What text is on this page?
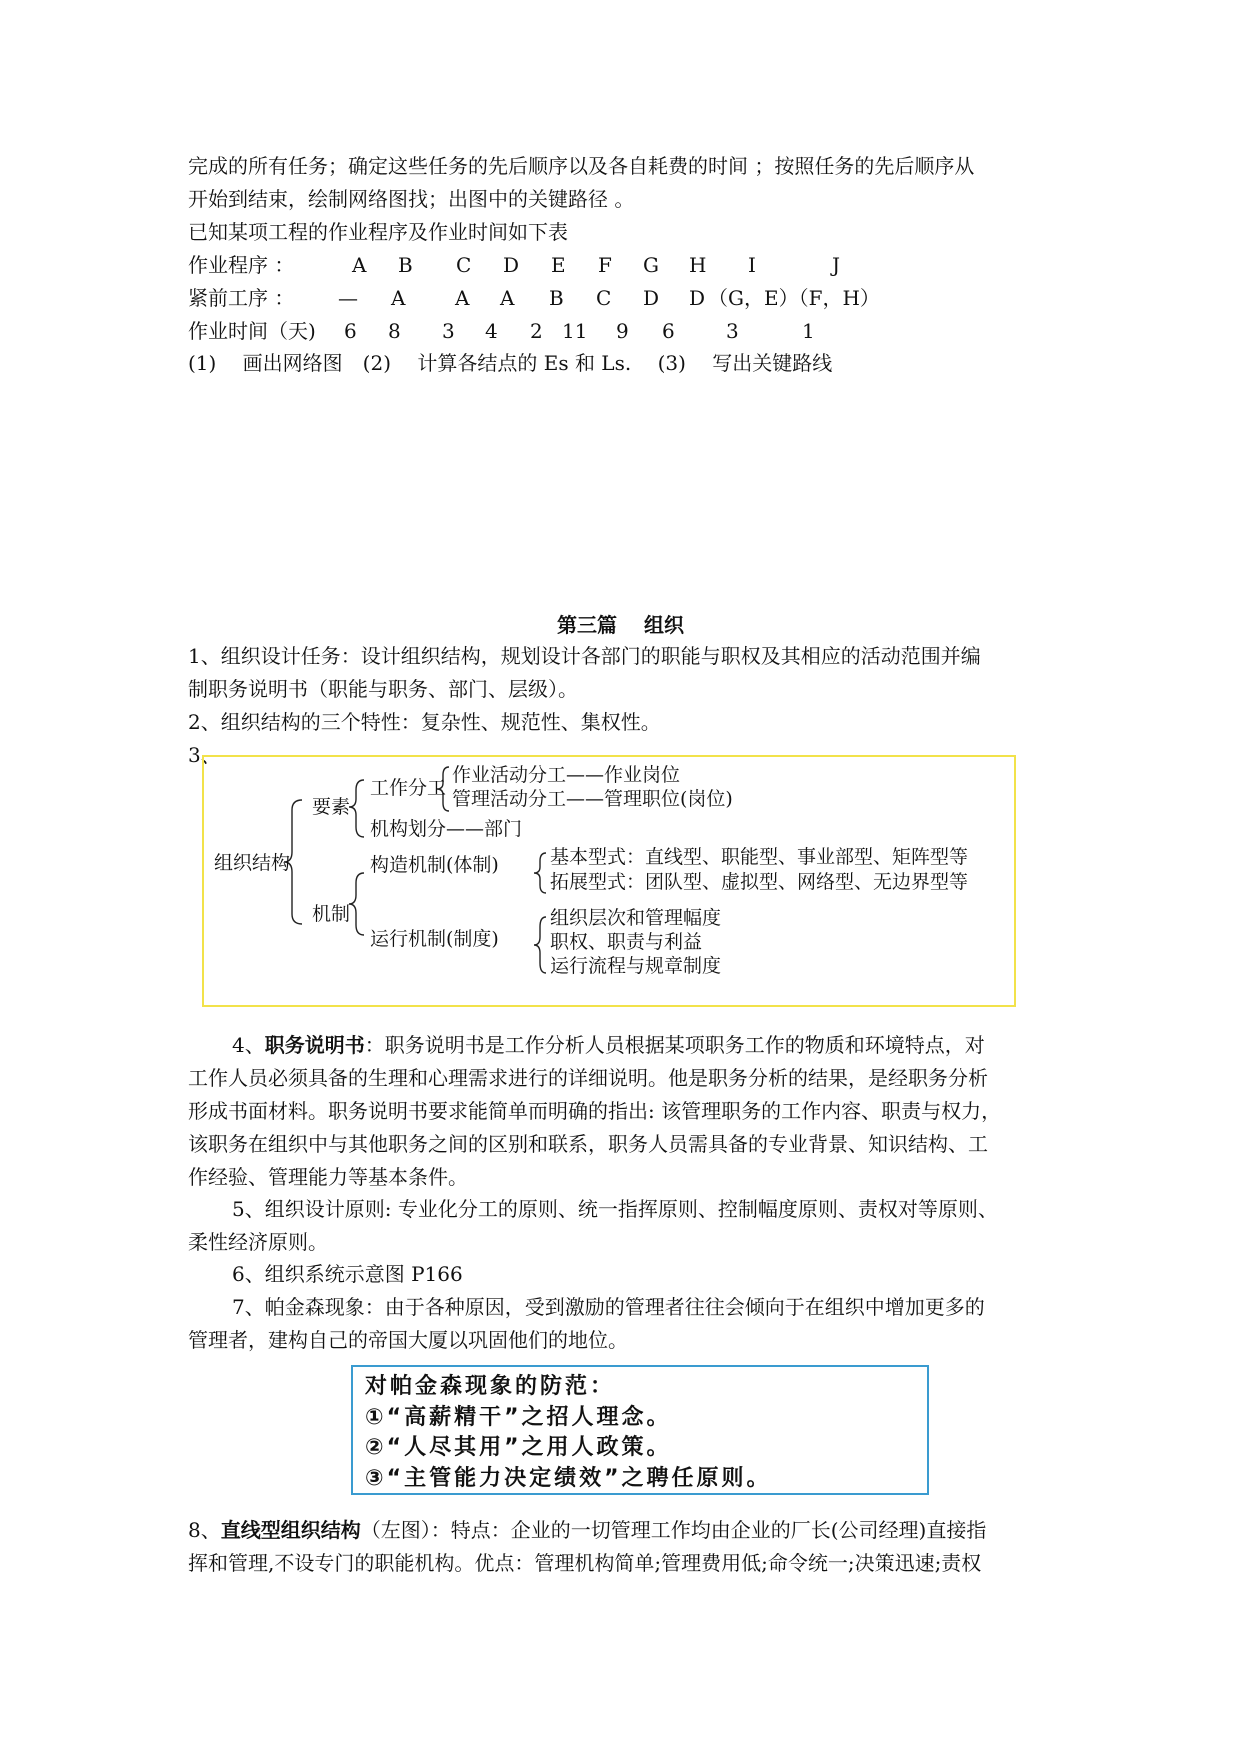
完成的所有任务；确定这些任务的先后顺序以及各自耗费的时间 ；按照任务的先后顺序从
开始到结束，绘制网络图找；出图中的关键路径 。
已知某项工程的作业程序及作业时间如下表
作业程序 ：	A B C D E F G H I	J
紧前工序 ： — A A A B C D D （G，E）（F，H）
作业时间（天) 6 8 3 4 2 11 9 6	3	1
(1)　 画出网络图　(2)　 计算各结点的 Es 和 Ls.　 (3)　 写出关键路线
第三篇　 组织
1、组织设计任务：设计组织结构，规划设计各部门的职能与职权及其相应的活动范围并编
制职务说明书（职能与职务、部门、层级）。
2、组织结构的三个特性：复杂性、规范性、集权性。
3、
组织结构
要素
机制
工作分工
作业活动分工——作业岗位
管理活动分工——管理职位(岗位)
机构划分——部门
构造机制(体制)	基本型式：直线型、职能型、事业部型、矩阵型等
拓展型式：团队型、虚拟型、网络型、无边界型等
运行机制(制度)
组织层次和管理幅度
职权、职责与利益
运行流程与规章制度
4、职务说明书：职务说明书是工作分析人员根据某项职务工作的物质和环境特点，对
工作人员必须具备的生理和心理需求进行的详细说明。他是职务分析的结果，是经职务分析
形成书面材料。职务说明书要求能简单而明确的指出: 该管理职务的工作内容、职责与权力，
该职务在组织中与其他职务之间的区别和联系，职务人员需具备的专业背景、知识结构、工
作经验、管理能力等基本条件。
5、组织设计原则: 专业化分工的原则、统一指挥原则、控制幅度原则、责权对等原则、
柔性经济原则。
6、组织系统示意图 P166
7、帕金森现象：由于各种原因，受到激励的管理者往往会倾向于在组织中增加更多的
管理者，建构自己的帝国大厦以巩固他们的地位。
对帕金森现象的防范：
①“高薪精干”之招人理念。
②“人尽其用”之用人政策。
③“主管能力决定绩效”之聘任原则。
8、直线型组织结构（左图）：特点：企业的一切管理工作均由企业的厂长(公司经理)直接指
挥和管理,不设专门的职能机构。优点：管理机构简单;管理费用低;命令统一;决策迅速;责权
